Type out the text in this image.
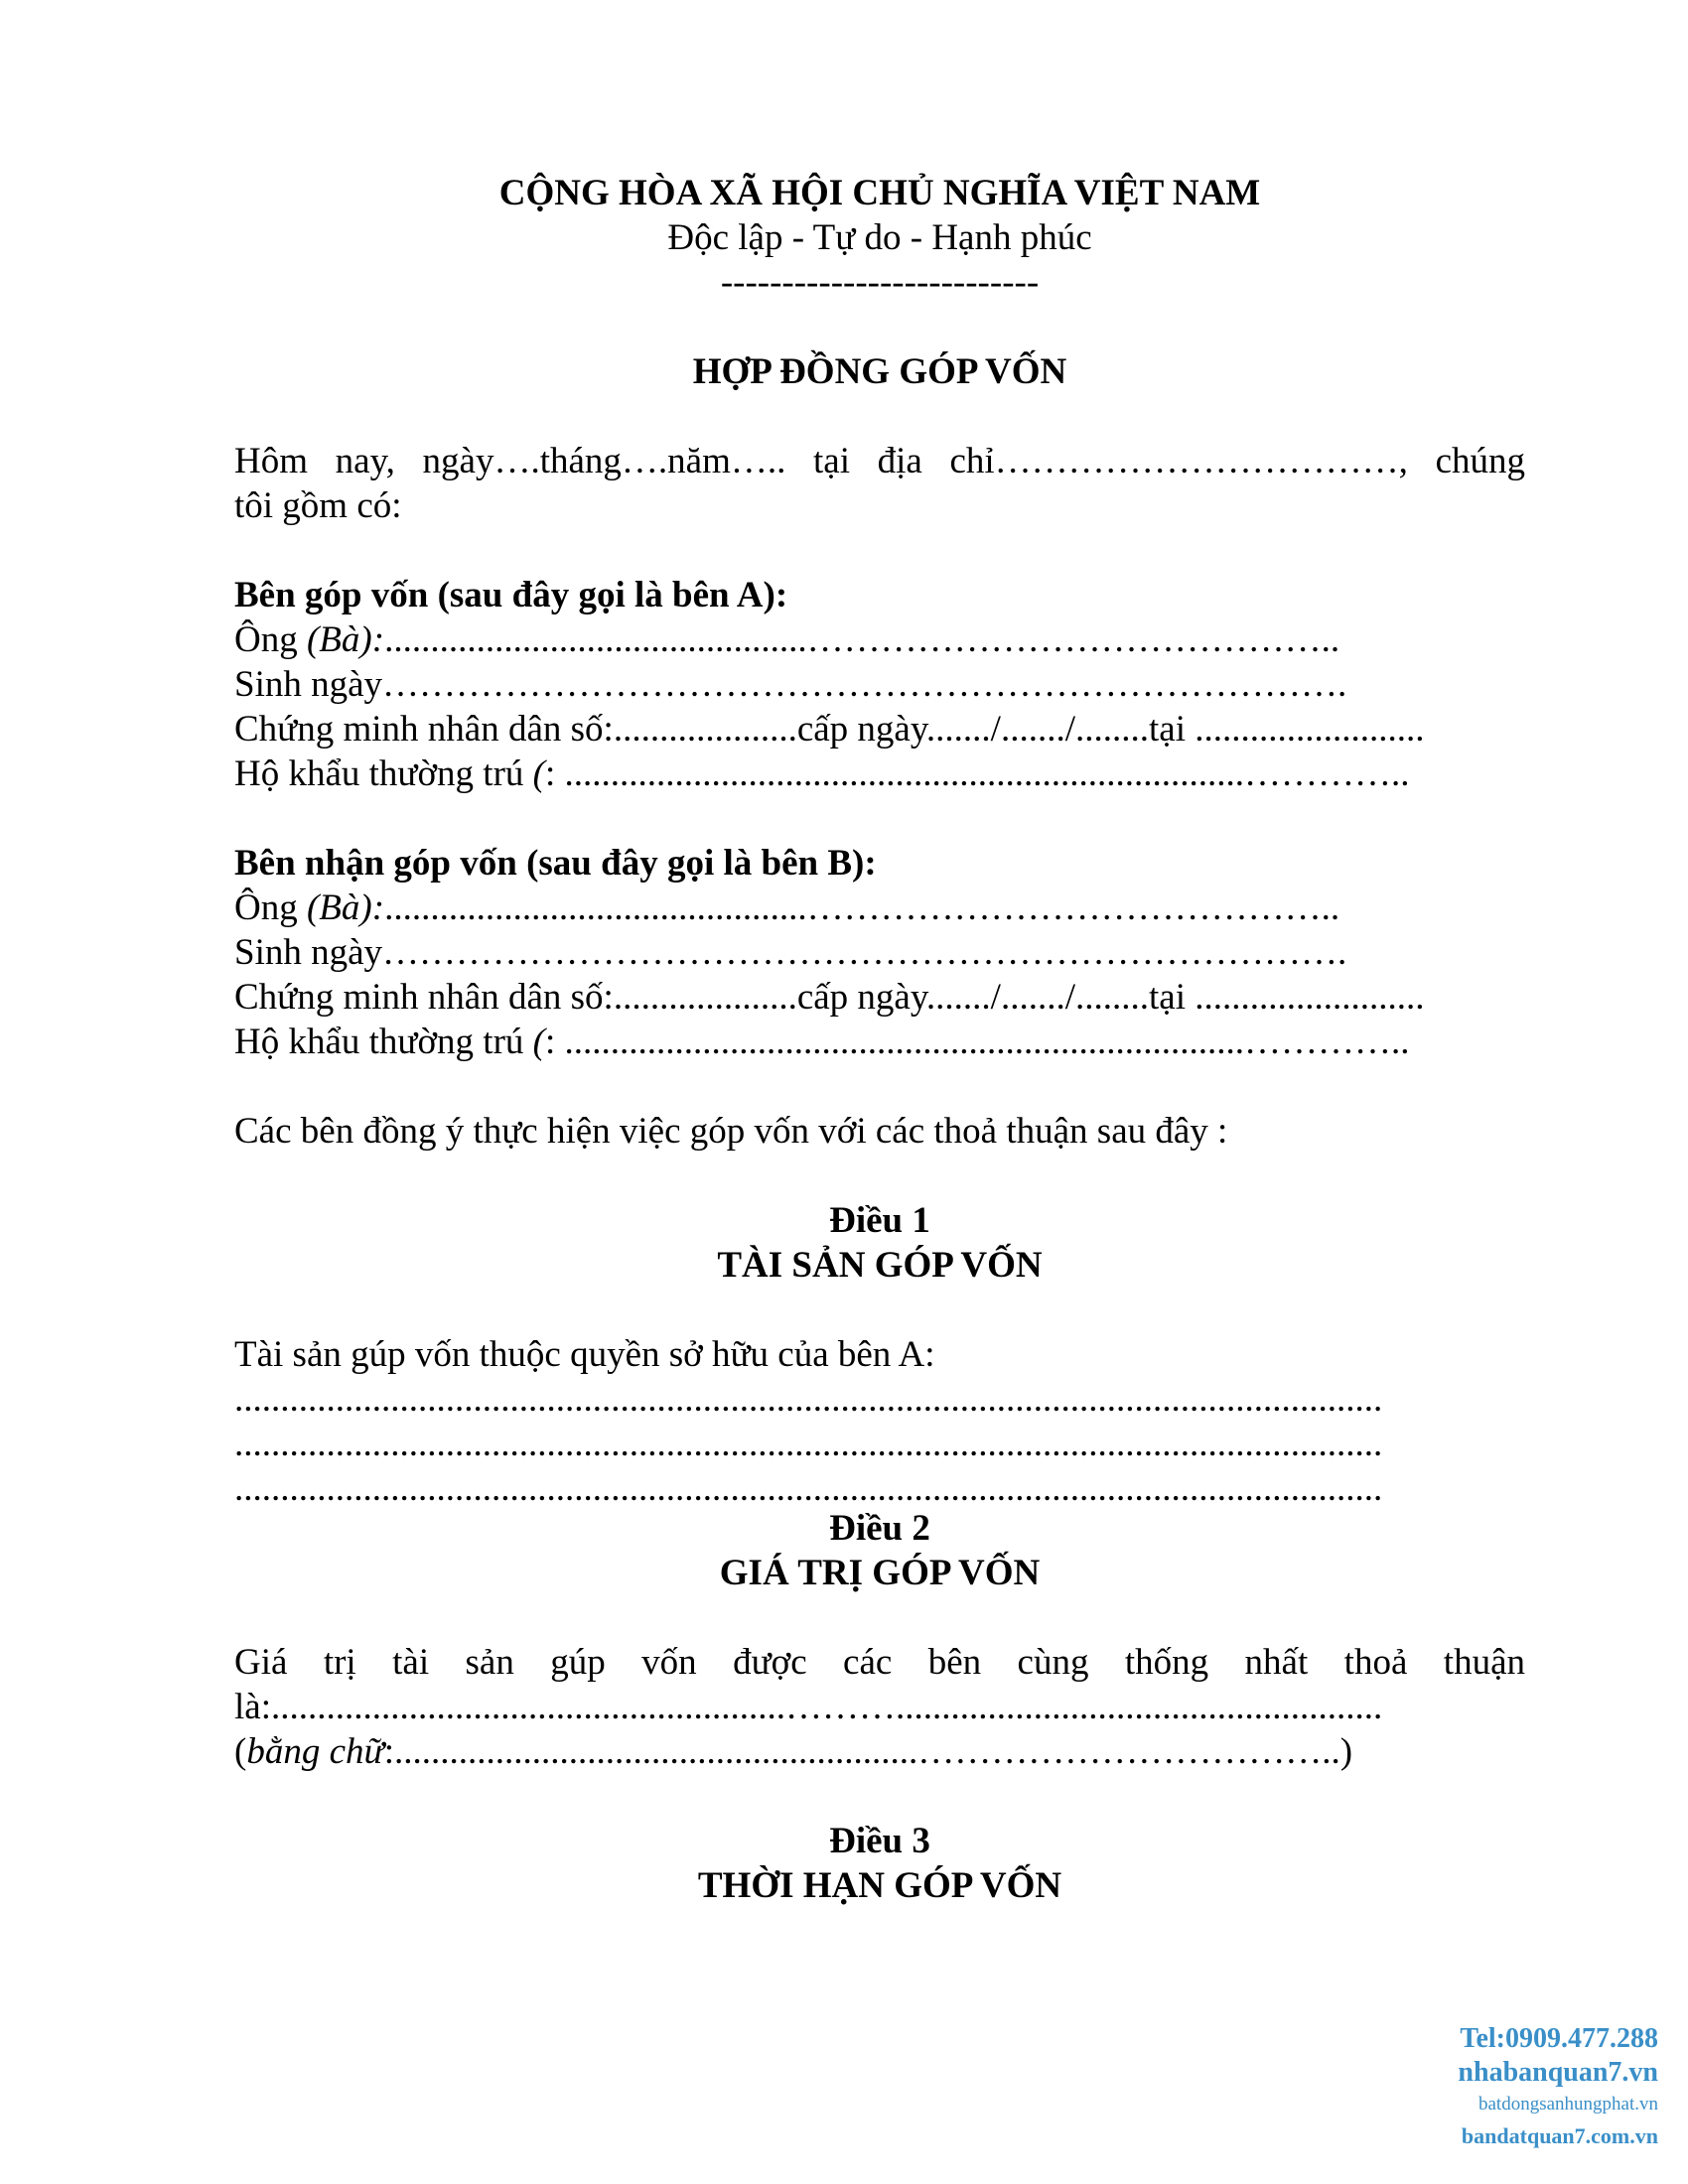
CỘNG HÒA XÃ HỘI CHỦ NGHĨA VIỆT NAM
Độc lập - Tự do - Hạnh phúc
--------------------------
HỢP ĐỒNG GÓP VỐN
Hôm nay, ngày….tháng….năm….. tại địa chỉ……………………………, chúng
tôi gồm có:
Bên góp vốn (sau đây gọi là bên A):
Ông (Bà):..............................................……………………………………..
Sinh ngày…………………………………………………………………….
Chứng minh nhân dân số:....................cấp ngày......./......./........tại .........................
Hộ khẩu thường trú (: ..........................................................................…………..
Bên nhận góp vốn (sau đây gọi là bên B):
Ông (Bà):..............................................……………………………………..
Sinh ngày…………………………………………………………………….
Chứng minh nhân dân số:....................cấp ngày......./......./........tại .........................
Hộ khẩu thường trú (: ..........................................................................…………..
Các bên đồng ý thực hiện việc góp vốn với các thoả thuận sau đây :
Điều 1
TÀI SẢN GÓP VỐN
Tài sản gúp vốn thuộc quyền sở hữu của bên A:
.............................................................................................................................
.............................................................................................................................
.............................................................................................................................
Điều 2
GIÁ TRỊ GÓP VỐN
Giá trị tài sản gúp vốn được các bên cùng thống nhất thoả thuận
là:........................................................……….....................................................
(bằng chữ:.........................................................……………………………..)
Điều 3
THỜI HẠN GÓP VỐN
Tel:0909.477.288
nhabanquan7.vn
batdongsanhungphat.vn
bandatquan7.com.vn
